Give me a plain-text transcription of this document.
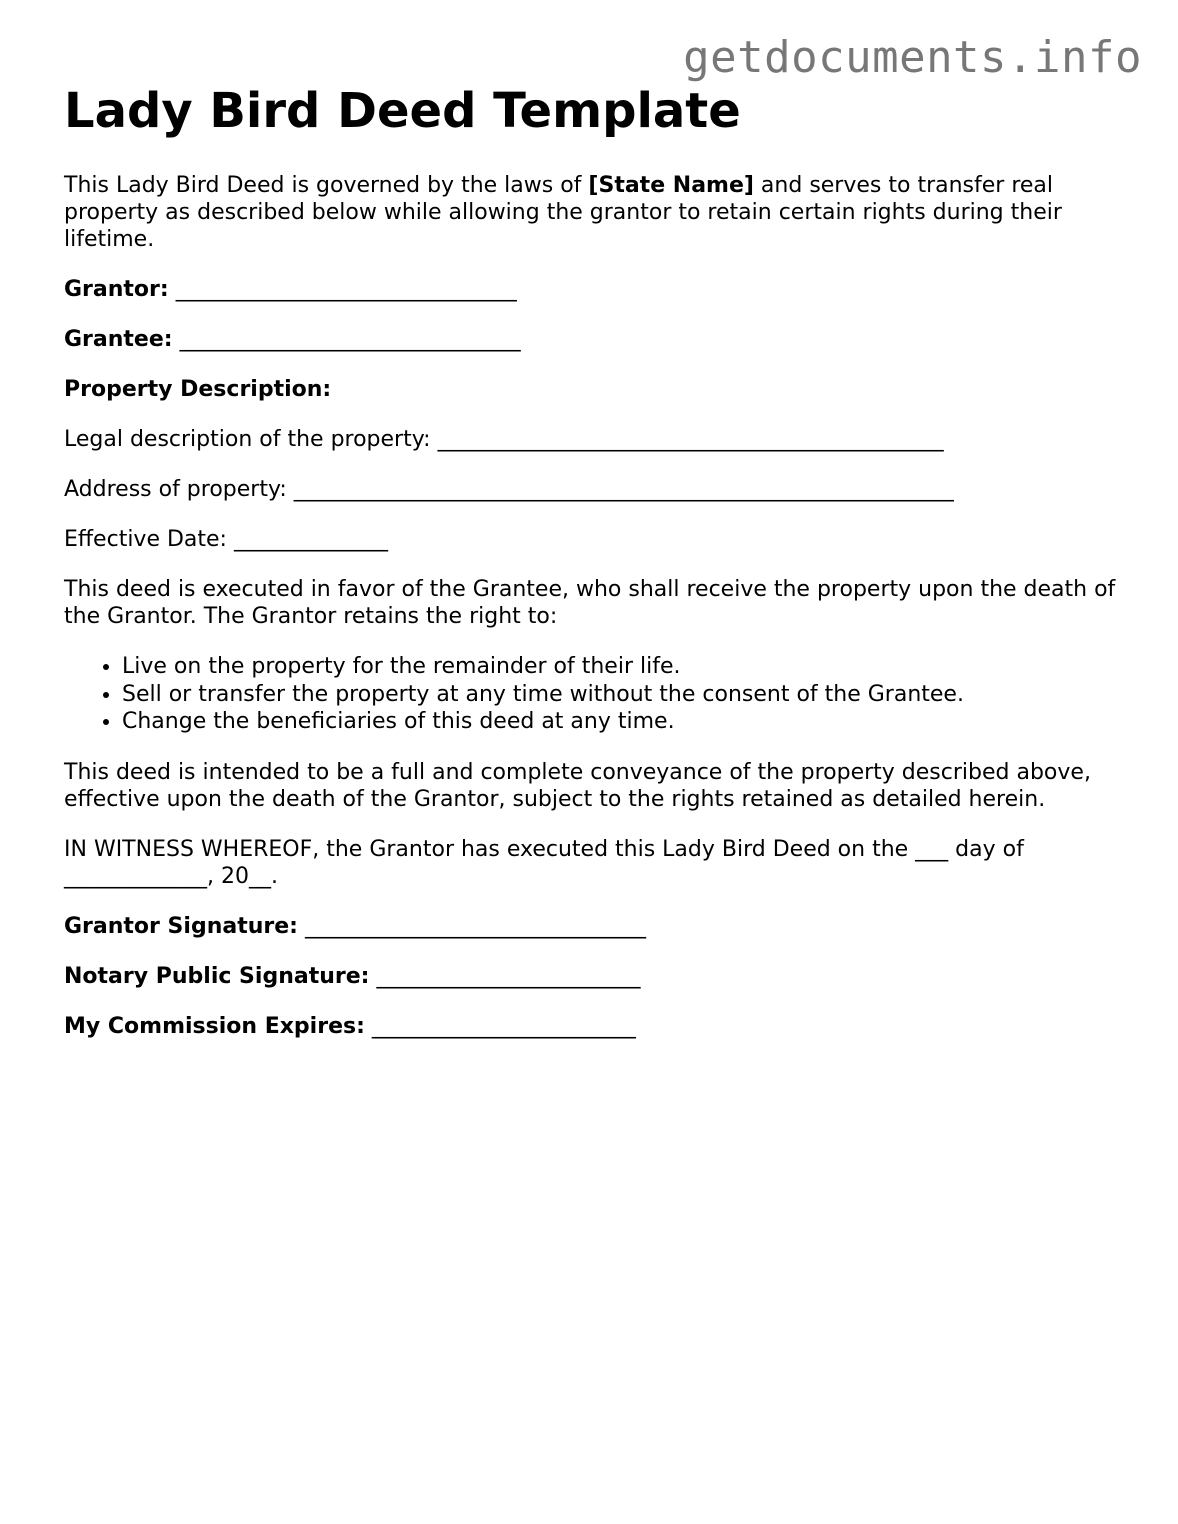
getdocuments.info
Lady Bird Deed Template

This Lady Bird Deed is governed by the laws of [State Name] and serves to transfer real property as described below while allowing the grantor to retain certain rights during their lifetime.

Grantor: _______________________________

Grantee: _______________________________

Property Description:

Legal description of the property: ______________________________________________

Address of property: ____________________________________________________________

Effective Date: ______________

This deed is executed in favor of the Grantee, who shall receive the property upon the death of the Grantor. The Grantor retains the right to:

• Live on the property for the remainder of their life.
• Sell or transfer the property at any time without the consent of the Grantee.
• Change the beneficiaries of this deed at any time.

This deed is intended to be a full and complete conveyance of the property described above, effective upon the death of the Grantor, subject to the rights retained as detailed herein.

IN WITNESS WHEREOF, the Grantor has executed this Lady Bird Deed on the ___ day of _____________, 20__.

Grantor Signature: _______________________________

Notary Public Signature: ________________________

My Commission Expires: ________________________
